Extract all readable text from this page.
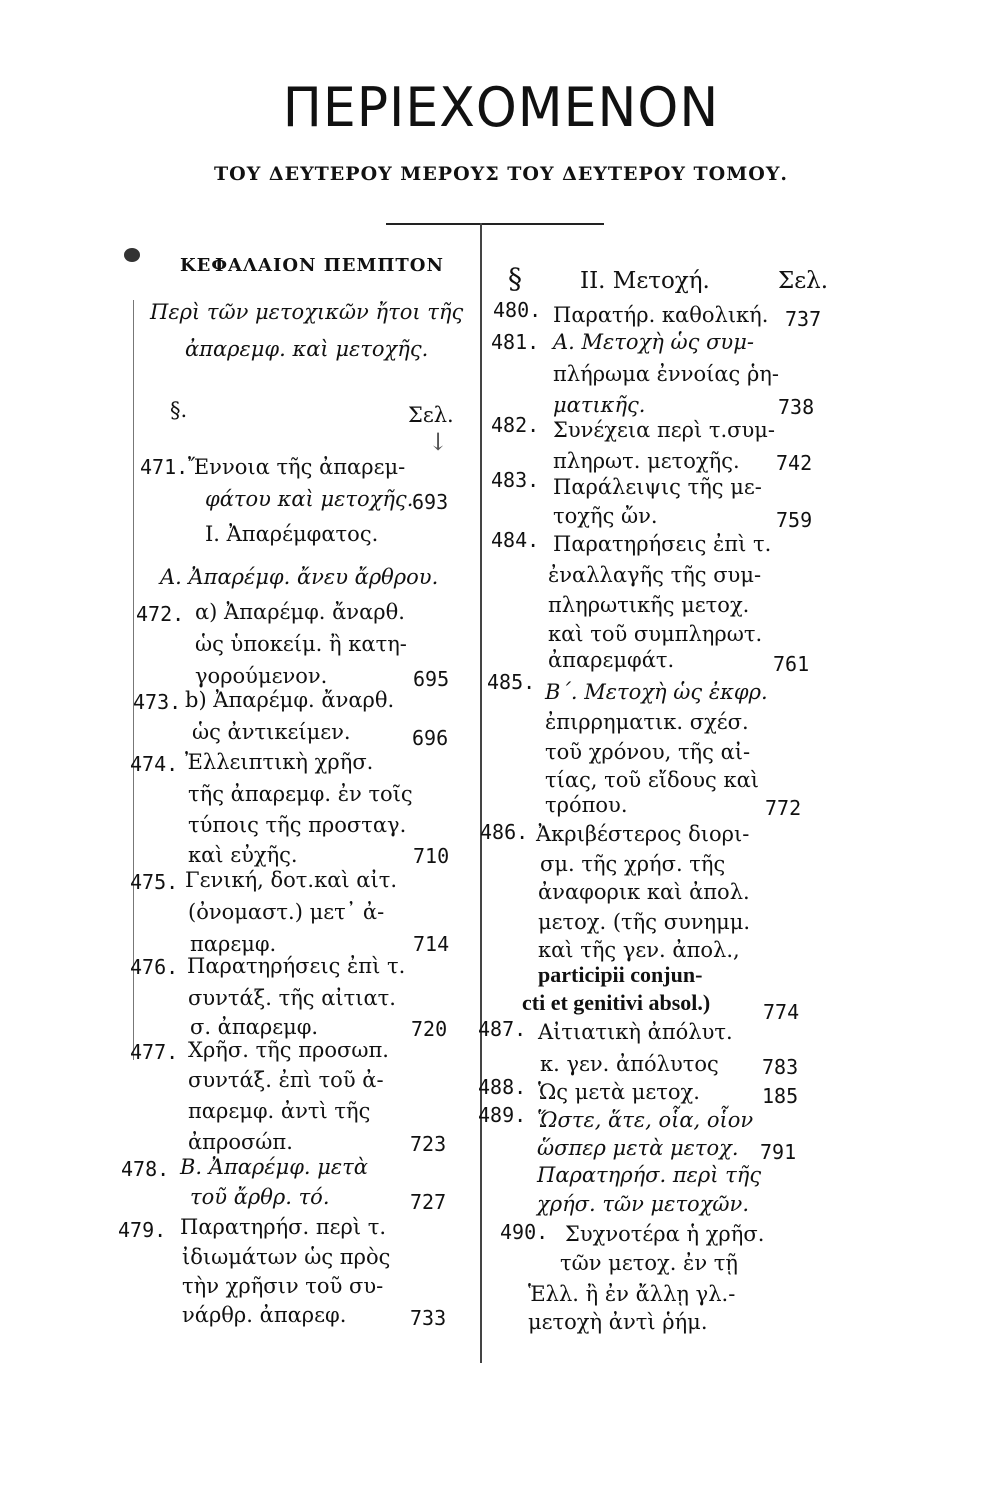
ΠΕΡΙΕΧΟΜΕΝΟΝ
ΤΟΥ ΔΕΥΤΕΡΟΥ ΜΕΡΟΥΣ ΤΟΥ ΔΕΥΤΕΡΟΥ ΤΟΜΟΥ.
ΚΕΦΑΛΑΙΟΝ ΠΕΜΠΤΟΝ
Περὶ τῶν μετοχικῶν ἤτοι τῆς
ἀπαρεμφ. καὶ μετοχῆς.
§.	Σελ.
↓
471. Ἔννοια τῆς ἀπαρεμ-
φάτου καὶ μετοχῆς.
693
Ι. Ἀπαρέμφατος.
Α. Ἀπαρέμφ. ἄνευ ἄρθρου.
472. α) Ἀπαρέμφ. ἄναρθ.
ὡς ὑποκείμ. ἢ κατη-
γορούμενον.	695
473. b) Ἀπαρέμφ. ἄναρθ.
ὡς ἀντικείμεν.	696
474. Ἐλλειπτικὴ χρῆσ.
τῆς ἀπαρεμφ. ἐν τοῖς
τύποις τῆς προσταγ.
καὶ εὐχῆς.	710
475. Γενική, δοτ.καὶ αἰτ.
(ὀνομαστ.) μετ᾽ ἀ-
παρεμφ.	714
476. Παρατηρήσεις ἐπὶ τ.
συντάξ. τῆς αἰτιατ.
σ. ἀπαρεμφ.	720
477. Χρῆσ. τῆς προσωπ.
συντάξ. ἐπὶ τοῦ ἀ-
παρεμφ. ἀντὶ τῆς
ἀπροσώπ.	723
478. Β. Ἀπαρέμφ. μετὰ
τοῦ ἄρθρ. τό.	727
479. Παρατηρήσ. περὶ τ.
ἰδιωμάτων ὡς πρὸς
τὴν χρῆσιν τοῦ συ-
νάρθρ. ἀπαρεφ.	733
§	ΙΙ. Μετοχή.	Σελ.
480. Παρατήρ. καθολική. 737
481. Α. Μετοχὴ ὡς συμ-
πλήρωμα ἐννοίας ῥη-
ματικῆς.	738
482. Συνέχεια περὶ τ.συμ-
πληρωτ. μετοχῆς. 742
483. Παράλειψις τῆς με-
τοχῆς ὤν.	759
484. Παρατηρήσεις ἐπὶ τ.
ἐναλλαγῆς τῆς συμ-
πληρωτικῆς μετοχ.
καὶ τοῦ συμπληρωτ.
ἀπαρεμφάτ.	761
485. Β΄. Μετοχὴ ὡς ἐκφρ.
ἐπιρρηματικ. σχέσ.
τοῦ χρόνου, τῆς αἰ-
τίας, τοῦ εἴδους καὶ
τρόπου.	772
486. Ἀκριβέστερος διορι-
σμ. τῆς χρήσ. τῆς
ἀναφορικ καὶ ἀπολ.
μετοχ. (τῆς συνημμ.
καὶ τῆς γεν. ἀπολ.,
participii conjun-
cti et genitivi absol.)	774
487. Αἰτιατικὴ ἀπόλυτ.
κ. γεν. ἀπόλυτος 783
488. Ὡς μετὰ μετοχ.	185
489. Ὥστε, ἅτε, οἷα, οἷον
ὥσπερ μετὰ μετοχ. 791
Παρατηρήσ. περὶ τῆς
χρήσ. τῶν μετοχῶν.
490. Συχνοτέρα ἡ χρῆσ.
τῶν μετοχ. ἐν τῇ
Ἑλλ. ἢ ἐν ἄλλῃ γλ.-
μετοχὴ ἀντὶ ῥήμ.
